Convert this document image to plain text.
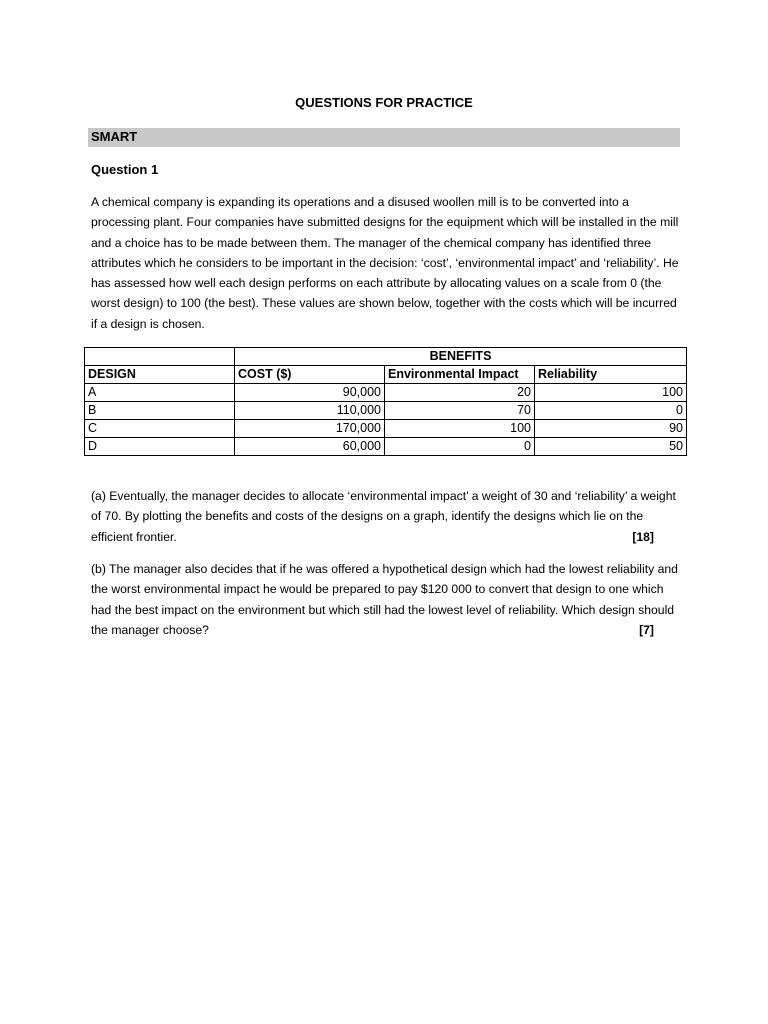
QUESTIONS FOR PRACTICE
SMART
Question 1
A chemical company is expanding its operations and a disused woollen mill is to be converted into a processing plant. Four companies have submitted designs for the equipment which will be installed in the mill and a choice has to be made between them. The manager of the chemical company has identified three attributes which he considers to be important in the decision: ‘cost’, ‘environmental impact’ and ‘reliability’. He has assessed how well each design performs on each attribute by allocating values on a scale from 0 (the worst design) to 100 (the best). These values are shown below, together with the costs which will be incurred if a design is chosen.
	BENEFITS		
DESIGN	COST ($)	Environmental Impact	Reliability
A	90,000	20	100
B	110,000	70	0
C	170,000	100	90
D	60,000	0	50
(a) Eventually, the manager decides to allocate ‘environmental impact’ a weight of 30 and ‘reliability’ a weight of 70. By plotting the benefits and costs of the designs on a graph, identify the designs which lie on the efficient frontier.	[18]
(b) The manager also decides that if he was offered a hypothetical design which had the lowest reliability and the worst environmental impact he would be prepared to pay $120 000 to convert that design to one which had the best impact on the environment but which still had the lowest level of reliability. Which design should the manager choose?	[7]
